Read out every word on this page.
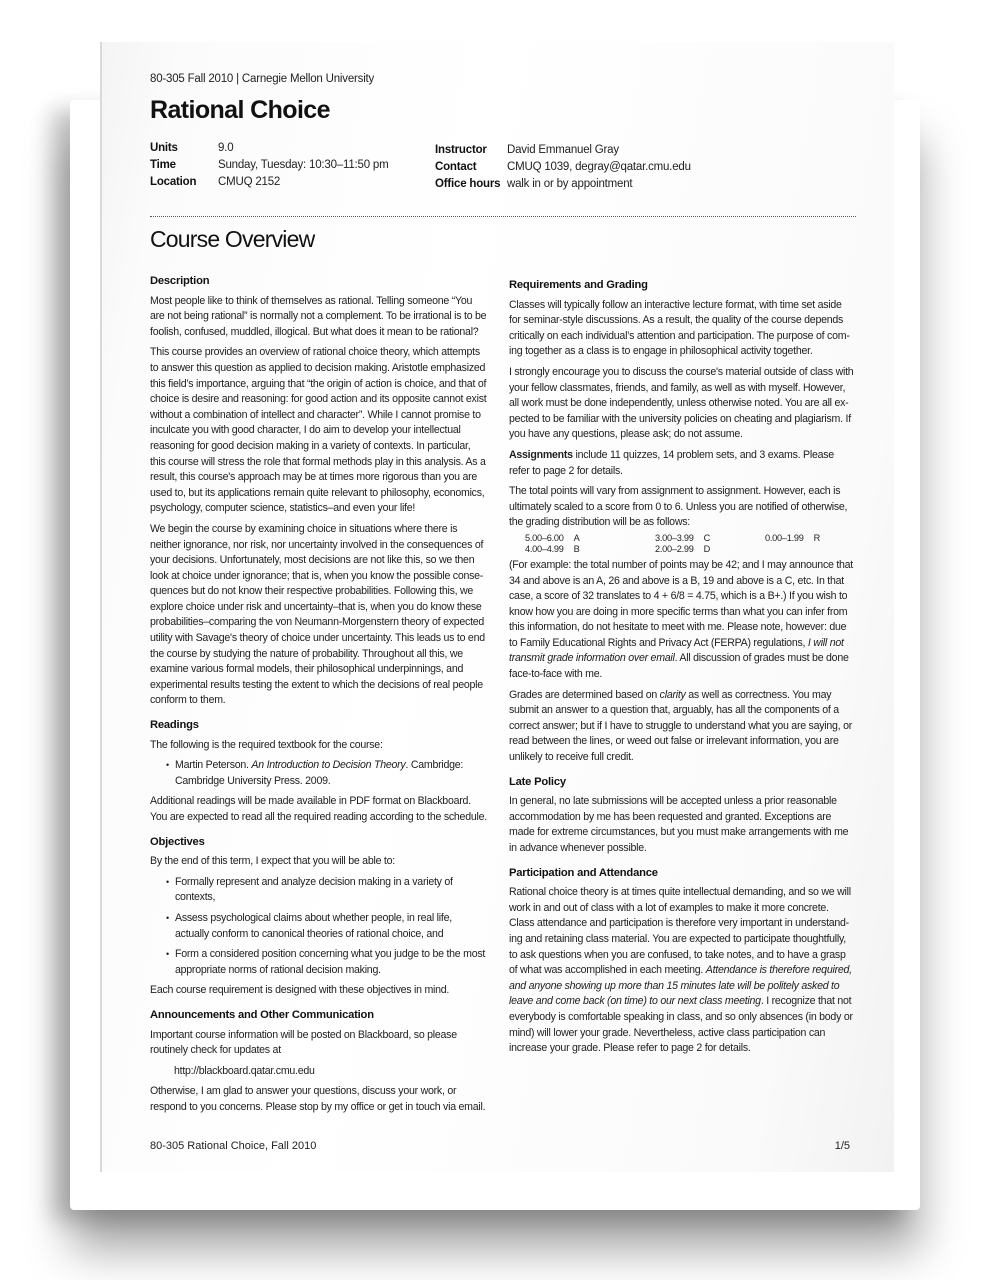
80-305 Fall 2010 | Carnegie Mellon University
Rational Choice
Units	9.0
Time	Sunday, Tuesday: 10:30–11:50 pm
Location CMUQ 2152
Instructor David Emmanuel Gray
Contact	CMUQ 1039, degray@qatar.cmu.edu
Office hours walk in or by appointment
Course Overview
Description

Most people like to think of themselves as rational. Telling someone “You are not being rational” is normally not a complement. To be irrational is to be foolish, confused, muddled, illogical. But what does it mean to be rational?

This course provides an overview of rational choice theory, which attempts to answer this question as applied to decision making. Aristotle emphasized this field’s importance, arguing that “the origin of action is choice, and that of choice is desire and reasoning: for good action and its opposite cannot exist without a combination of intellect and character”. While I cannot promise to inculcate you with good character, I do aim to develop your intellectual reasoning for good decision making in a variety of contexts. In particular, this course will stress the role that formal methods play in this analysis. As a result, this course's approach may be at times more rigorous than you are used to, but its applications remain quite relevant to philosophy, economics, psychology, computer science, statistics–and even your life!

We begin the course by examining choice in situations where there is neither ignorance, nor risk, nor uncertainty involved in the consequences of your decisions. Unfortunately, most decisions are not like this, so we then look at choice under ignorance; that is, when you know the possible conse-quences but do not know their respective probabilities. Following this, we explore choice under risk and uncertainty–that is, when you do know these probabilities–comparing the von Neumann-Morgenstern theory of expected utility with Savage's theory of choice under uncertainty. This leads us to end the course by studying the nature of probability. Throughout all this, we examine various formal models, their philosophical underpinnings, and experimental results testing the extent to which the decisions of real people conform to them.

Readings

The following is the required textbook for the course:

• Martin Peterson. An Introduction to Decision Theory. Cambridge: Cambridge University Press. 2009.

Additional readings will be made available in PDF format on Blackboard. You are expected to read all the required reading according to the schedule.

Objectives

By the end of this term, I expect that you will be able to:

• Formally represent and analyze decision making in a variety of contexts,
• Assess psychological claims about whether people, in real life, actually conform to canonical theories of rational choice, and
• Form a considered position concerning what you judge to be the most appropriate norms of rational decision making.

Each course requirement is designed with these objectives in mind.

Announcements and Other Communication

Important course information will be posted on Blackboard, so please routinely check for updates at

http://blackboard.qatar.cmu.edu

Otherwise, I am glad to answer your questions, discuss your work, or respond to you concerns. Please stop by my office or get in touch via email.

Requirements and Grading

Classes will typically follow an interactive lecture format, with time set aside for seminar-style discussions. As a result, the quality of the course depends critically on each individual’s attention and participation. The purpose of com-ing together as a class is to engage in philosophical activity together.

I strongly encourage you to discuss the course's material outside of class with your fellow classmates, friends, and family, as well as with myself. However, all work must be done independently, unless otherwise noted. You are all ex-pected to be familiar with the university policies on cheating and plagiarism. If you have any questions, please ask; do not assume.

Assignments include 11 quizzes, 14 problem sets, and 3 exams. Please refer to page 2 for details.

The total points will vary from assignment to assignment. However, each is ultimately scaled to a score from 0 to 6. Unless you are notified of otherwise, the grading distribution will be as follows:

5.00–6.00 A	3.00–3.99 C	0.00–1.99 R
4.00–4.99 B	2.00–2.99 D

(For example: the total number of points may be 42; and I may announce that 34 and above is an A, 26 and above is a B, 19 and above is a C, etc. In that case, a score of 32 translates to 4 + 6/8 = 4.75, which is a B+.) If you wish to know how you are doing in more specific terms than what you can infer from this information, do not hesitate to meet with me. Please note, however: due to Family Educational Rights and Privacy Act (FERPA) regulations, I will not transmit grade information over email. All discussion of grades must be done face-to-face with me.

Grades are determined based on clarity as well as correctness. You may submit an answer to a question that, arguably, has all the components of a correct answer; but if I have to struggle to understand what you are saying, or read between the lines, or weed out false or irrelevant information, you are unlikely to receive full credit.

Late Policy

In general, no late submissions will be accepted unless a prior reasonable accommodation by me has been requested and granted. Exceptions are made for extreme circumstances, but you must make arrangements with me in advance whenever possible.

Participation and Attendance

Rational choice theory is at times quite intellectual demanding, and so we will work in and out of class with a lot of examples to make it more concrete. Class attendance and participation is therefore very important in understand-ing and retaining class material. You are expected to participate thoughtfully, to ask questions when you are confused, to take notes, and to have a grasp of what was accomplished in each meeting. Attendance is therefore required, and anyone showing up more than 15 minutes late will be politely asked to leave and come back (on time) to our next class meeting. I recognize that not everybody is comfortable speaking in class, and so only absences (in body or mind) will lower your grade. Nevertheless, active class participation can increase your grade. Please refer to page 2 for details.

80-305 Rational Choice, Fall 2010	1/5
